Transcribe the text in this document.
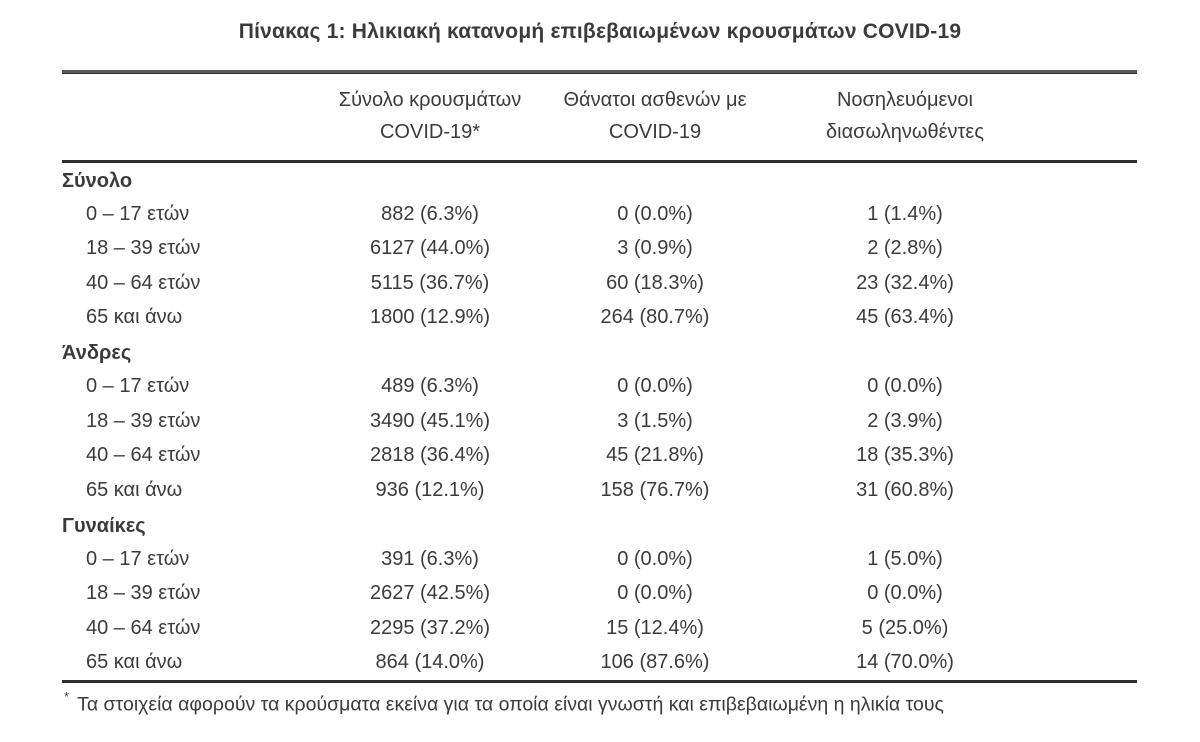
Πίνακας 1: Ηλικιακή κατανομή επιβεβαιωμένων κρουσμάτων COVID-19
Σύνολο κρουσμάτων
COVID-19*
Θάνατοι ασθενών με
COVID-19
Νοσηλευόμενοι
διασωληνωθέντες
Σύνολο
0 – 17 ετών	882 (6.3%)	0 (0.0%)	1 (1.4%)
18 – 39 ετών	6127 (44.0%)	3 (0.9%)	2 (2.8%)
40 – 64 ετών	5115 (36.7%)	60 (18.3%)	23 (32.4%)
65 και άνω	1800 (12.9%)	264 (80.7%)	45 (63.4%)
Άνδρες
0 – 17 ετών	489 (6.3%)	0 (0.0%)	0 (0.0%)
18 – 39 ετών	3490 (45.1%)	3 (1.5%)	2 (3.9%)
40 – 64 ετών	2818 (36.4%)	45 (21.8%)	18 (35.3%)
65 και άνω	936 (12.1%)	158 (76.7%)	31 (60.8%)
Γυναίκες
0 – 17 ετών	391 (6.3%)	0 (0.0%)	1 (5.0%)
18 – 39 ετών	2627 (42.5%)	0 (0.0%)	0 (0.0%)
40 – 64 ετών	2295 (37.2%)	15 (12.4%)	5 (25.0%)
65 και άνω	864 (14.0%)	106 (87.6%)	14 (70.0%)
* Τα στοιχεία αφορούν τα κρούσματα εκείνα για τα οποία είναι γνωστή και επιβεβαιωμένη η ηλικία τους
